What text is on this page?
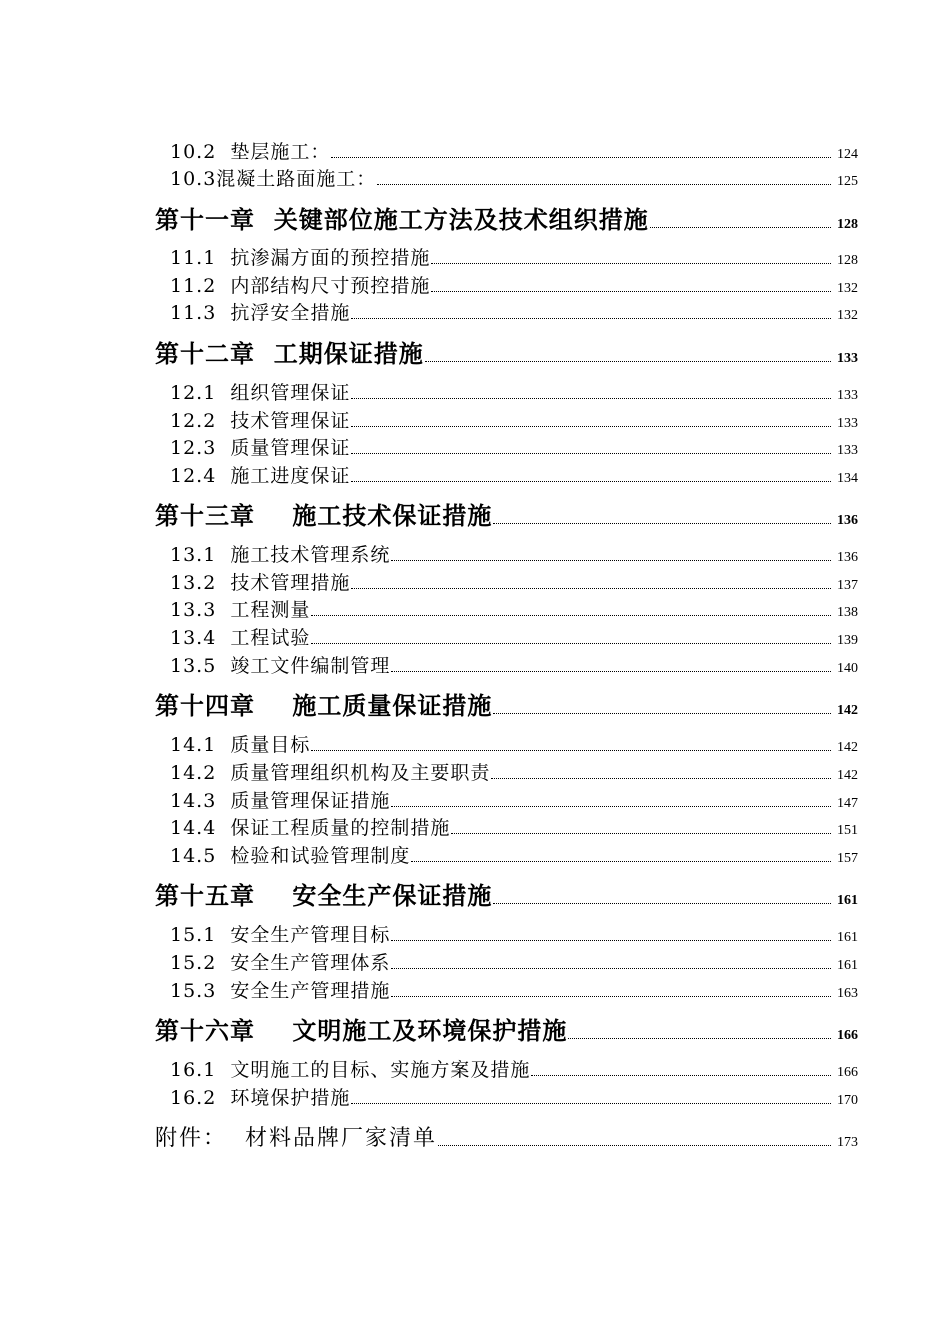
10.2  垫层施工：	124
10.3混凝土路面施工：	125
第十一章  关键部位施工方法及技术组织措施	128
11.1  抗渗漏方面的预控措施	128
11.2  内部结构尺寸预控措施	132
11.3  抗浮安全措施	132
第十二章  工期保证措施	133
12.1  组织管理保证	133
12.2  技术管理保证	133
12.3  质量管理保证	133
12.4  施工进度保证	134
第十三章    施工技术保证措施	136
13.1  施工技术管理系统	136
13.2  技术管理措施	137
13.3  工程测量	138
13.4  工程试验	139
13.5  竣工文件编制管理	140
第十四章    施工质量保证措施	142
14.1  质量目标	142
14.2  质量管理组织机构及主要职责	142
14.3  质量管理保证措施	147
14.4  保证工程质量的控制措施	151
14.5  检验和试验管理制度	157
第十五章    安全生产保证措施	161
15.1  安全生产管理目标	161
15.2  安全生产管理体系	161
15.3  安全生产管理措施	163
第十六章    文明施工及环境保护措施	166
16.1  文明施工的目标、实施方案及措施	166
16.2  环境保护措施	170
附件：  材料品牌厂家清单	173
